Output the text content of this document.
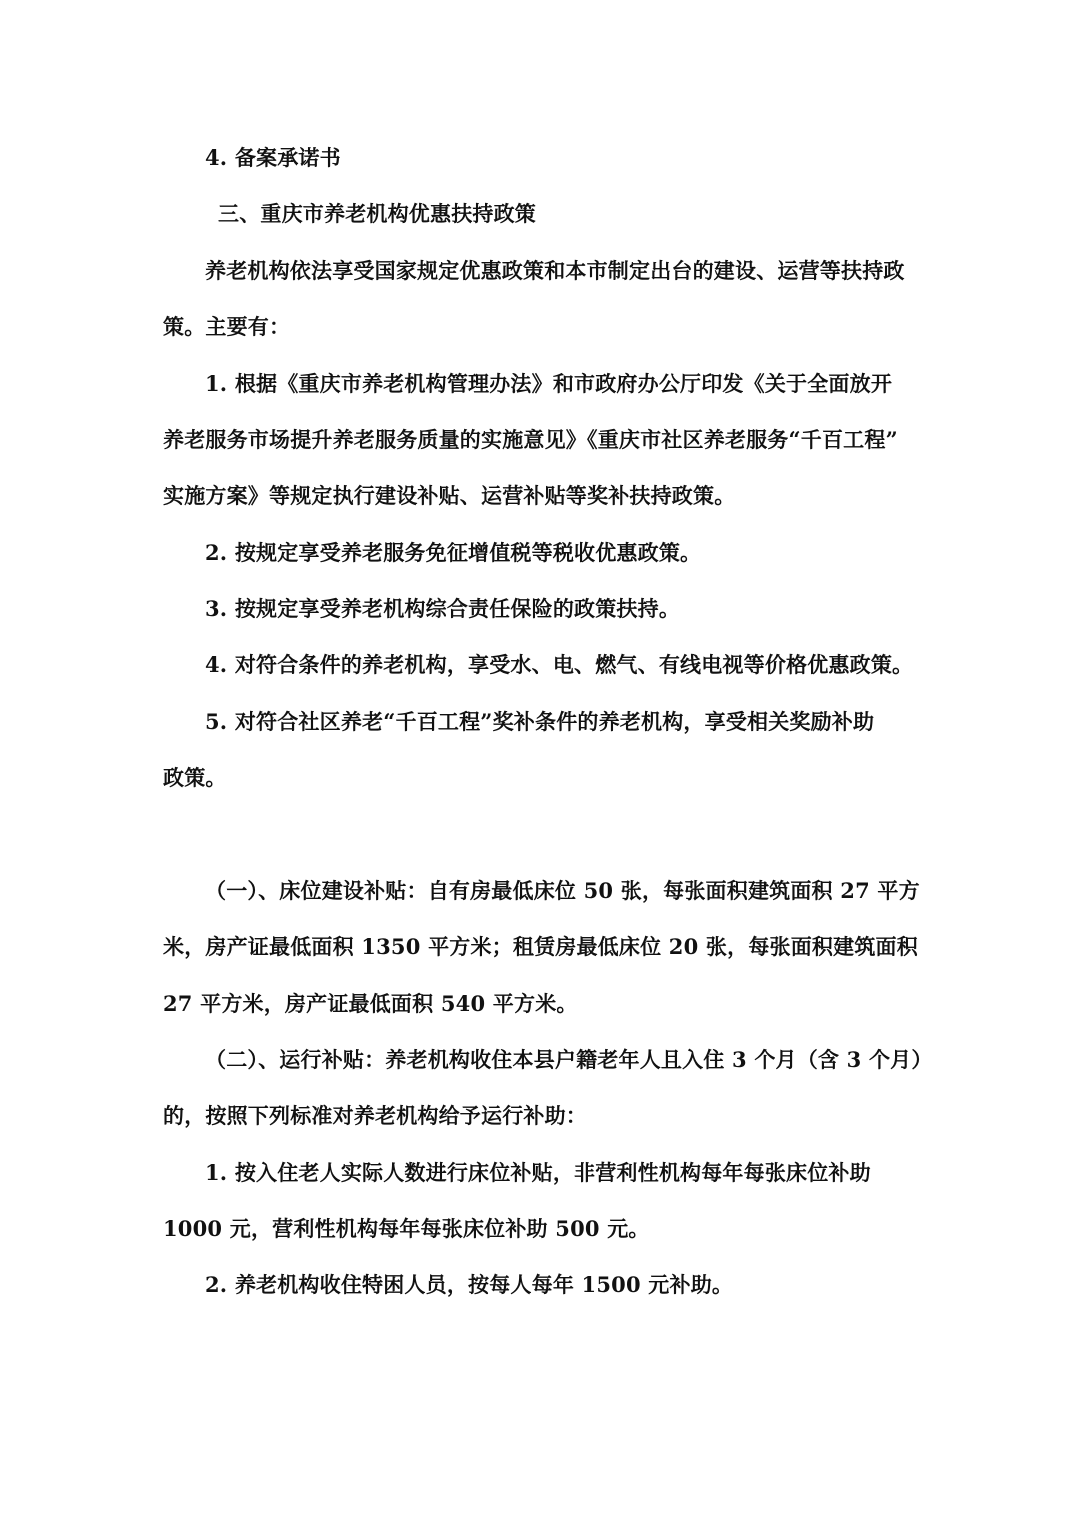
4. 备案承诺书
三、重庆市养老机构优惠扶持政策
养老机构依法享受国家规定优惠政策和本市制定出台的建设、运营等扶持政
策。主要有：
1. 根据《重庆市养老机构管理办法》和市政府办公厅印发《关于全面放开
养老服务市场提升养老服务质量的实施意见》《重庆市社区养老服务“千百工程”
实施方案》等规定执行建设补贴、运营补贴等奖补扶持政策。
2. 按规定享受养老服务免征增值税等税收优惠政策。
3. 按规定享受养老机构综合责任保险的政策扶持。
4. 对符合条件的养老机构，享受水、电、燃气、有线电视等价格优惠政策。
5. 对符合社区养老“千百工程”奖补条件的养老机构，享受相关奖励补助
政策。
（一）、床位建设补贴：自有房最低床位 50 张，每张面积建筑面积 27 平方
米，房产证最低面积 1350 平方米；租赁房最低床位 20 张，每张面积建筑面积
27 平方米，房产证最低面积 540 平方米。
（二）、运行补贴：养老机构收住本县户籍老年人且入住 3 个月（含 3 个月）
的，按照下列标准对养老机构给予运行补助：
1. 按入住老人实际人数进行床位补贴，非营利性机构每年每张床位补助
1000 元，营利性机构每年每张床位补助 500 元。
2. 养老机构收住特困人员，按每人每年 1500 元补助。
